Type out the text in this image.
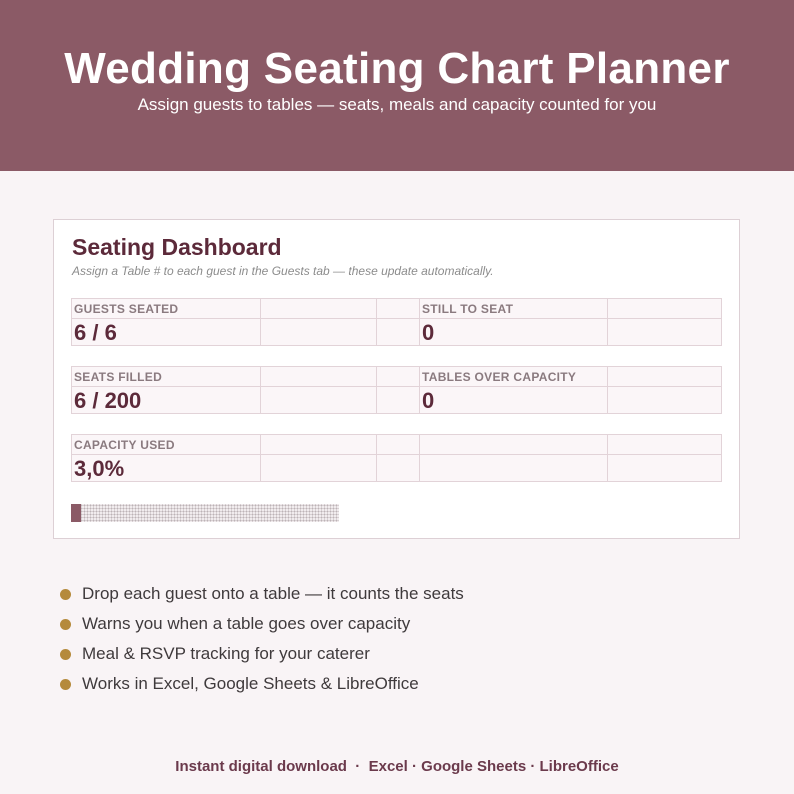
Wedding Seating Chart Planner
Assign guests to tables — seats, meals and capacity counted for you
Seating Dashboard
Assign a Table # to each guest in the Guests tab — these update automatically.
GUESTS SEATED
6 / 6
STILL TO SEAT
0
SEATS FILLED
6 / 200
TABLES OVER CAPACITY
0
CAPACITY USED
3,0%
Drop each guest onto a table — it counts the seats
Warns you when a table goes over capacity
Meal & RSVP tracking for your caterer
Works in Excel, Google Sheets & LibreOffice
Instant digital download  ·  Excel · Google Sheets · LibreOffice
